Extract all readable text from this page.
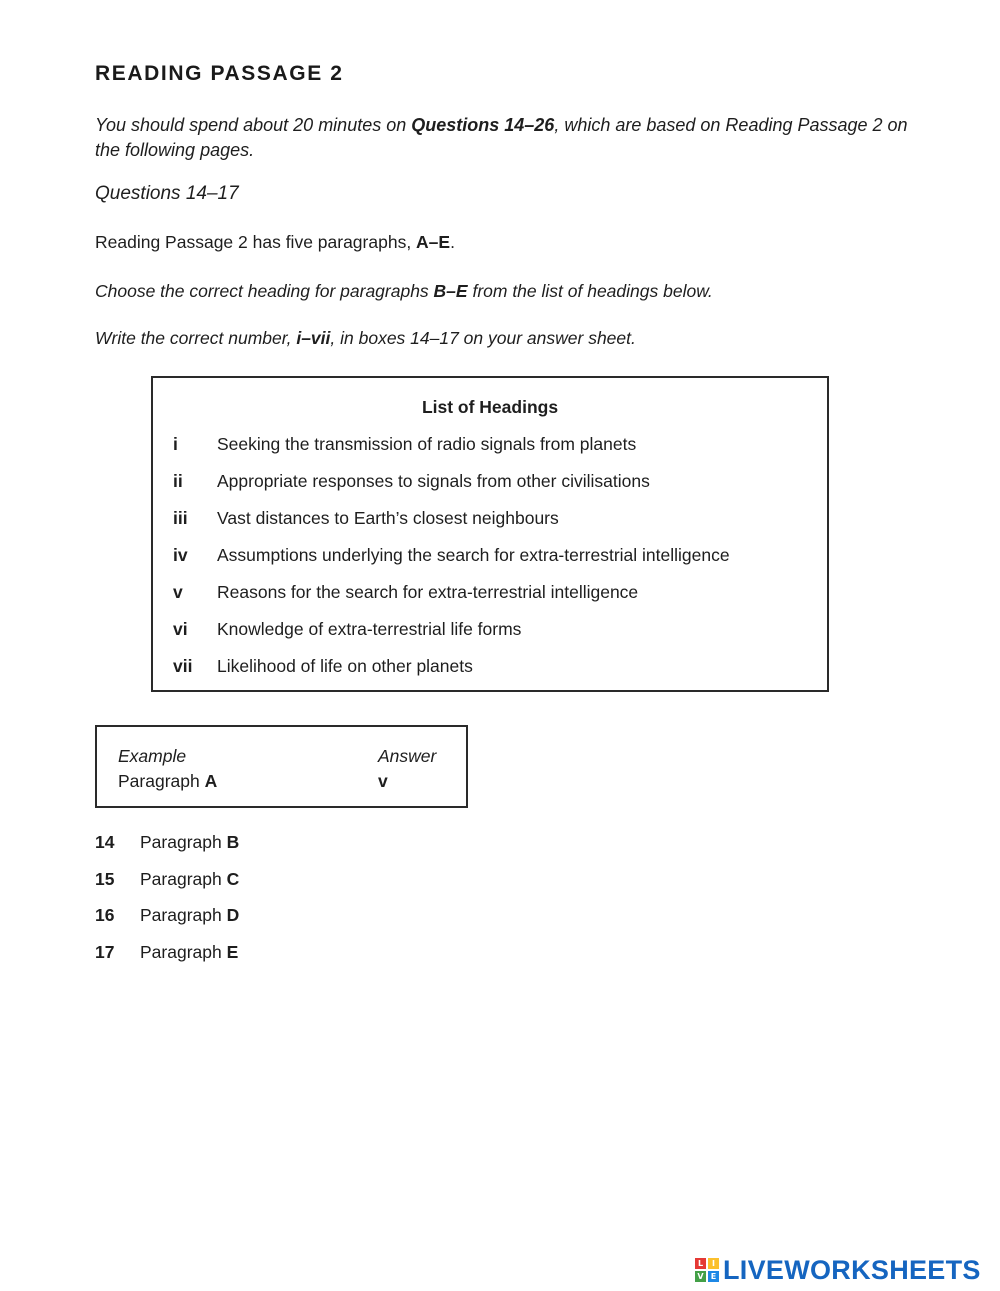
READING PASSAGE 2
You should spend about 20 minutes on Questions 14–26, which are based on Reading Passage 2 on the following pages.
Questions 14–17
Reading Passage 2 has five paragraphs, A–E.
Choose the correct heading for paragraphs B–E from the list of headings below.
Write the correct number, i–vii, in boxes 14–17 on your answer sheet.
List of Headings
i Seeking the transmission of radio signals from planets
ii Appropriate responses to signals from other civilisations
iii Vast distances to Earth’s closest neighbours
iv Assumptions underlying the search for extra-terrestrial intelligence
v Reasons for the search for extra-terrestrial intelligence
vi Knowledge of extra-terrestrial life forms
vii Likelihood of life on other planets
Example	Answer
Paragraph A	v
14 Paragraph B
15 Paragraph C
16 Paragraph D
17 Paragraph E
L	I
V E LIVEWORKSHEETS
